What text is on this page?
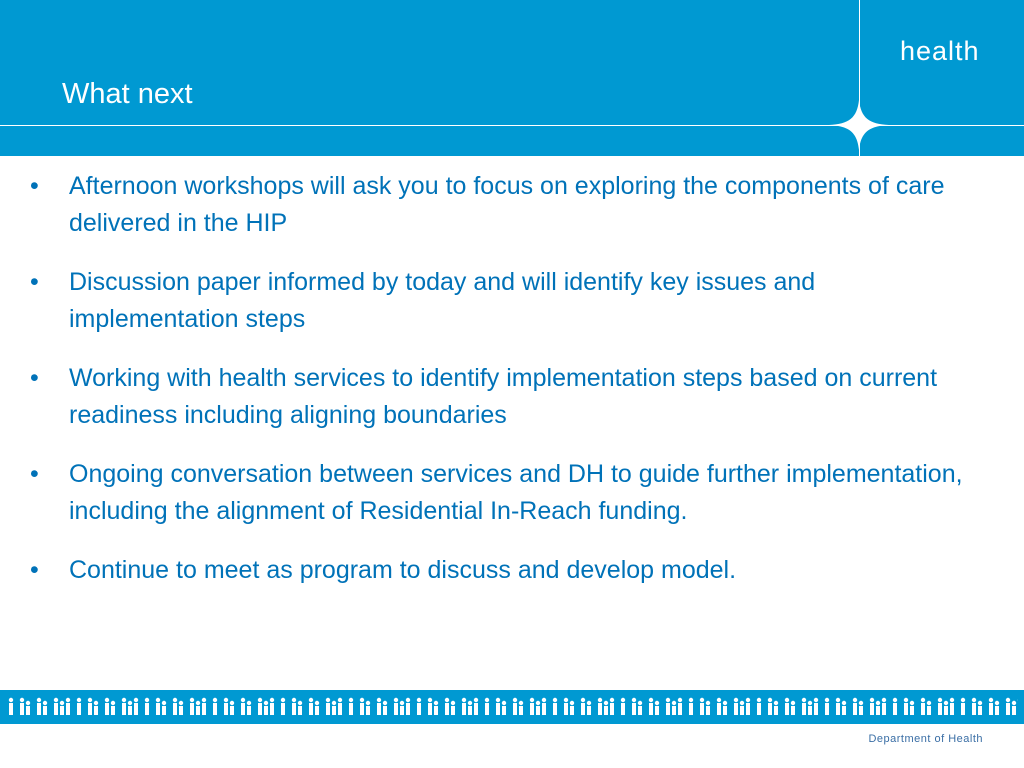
health
What next
•	Afternoon workshops will ask you to focus on exploring the components of care delivered in the HIP
•	Discussion paper informed by today and will identify key issues and implementation steps
•	Working with health services to identify implementation steps based on current readiness including aligning boundaries
•	Ongoing conversation between services and DH to guide further implementation, including the alignment of Residential In-Reach funding.
•	Continue to meet as program to discuss and develop model.
Department of Health
